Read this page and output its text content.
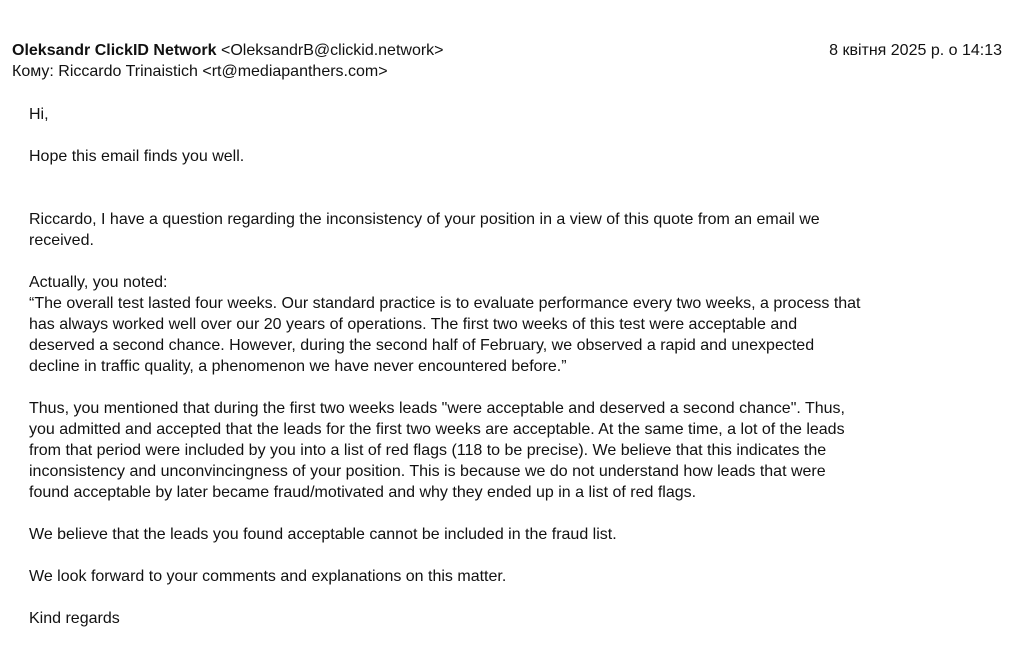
Oleksandr ClickID Network <OleksandrB@clickid.network>	8 квітня 2025 р. о 14:13
Кому: Riccardo Trinaistich <rt@mediapanthers.com>

Hi,

Hope this email finds you well.

Riccardo, I have a question regarding the inconsistency of your position in a view of this quote from an email we
received.

Actually, you noted:
“The overall test lasted four weeks. Our standard practice is to evaluate performance every two weeks, a process that
has always worked well over our 20 years of operations. The first two weeks of this test were acceptable and
deserved a second chance. However, during the second half of February, we observed a rapid and unexpected
decline in traffic quality, a phenomenon we have never encountered before.”

Thus, you mentioned that during the first two weeks leads "were acceptable and deserved a second chance". Thus,
you admitted and accepted that the leads for the first two weeks are acceptable. At the same time, a lot of the leads
from that period were included by you into a list of red flags (118 to be precise). We believe that this indicates the
inconsistency and unconvincingness of your position. This is because we do not understand how leads that were
found acceptable by later became fraud/motivated and why they ended up in a list of red flags.

We believe that the leads you found acceptable cannot be included in the fraud list.

We look forward to your comments and explanations on this matter.

Kind regards
